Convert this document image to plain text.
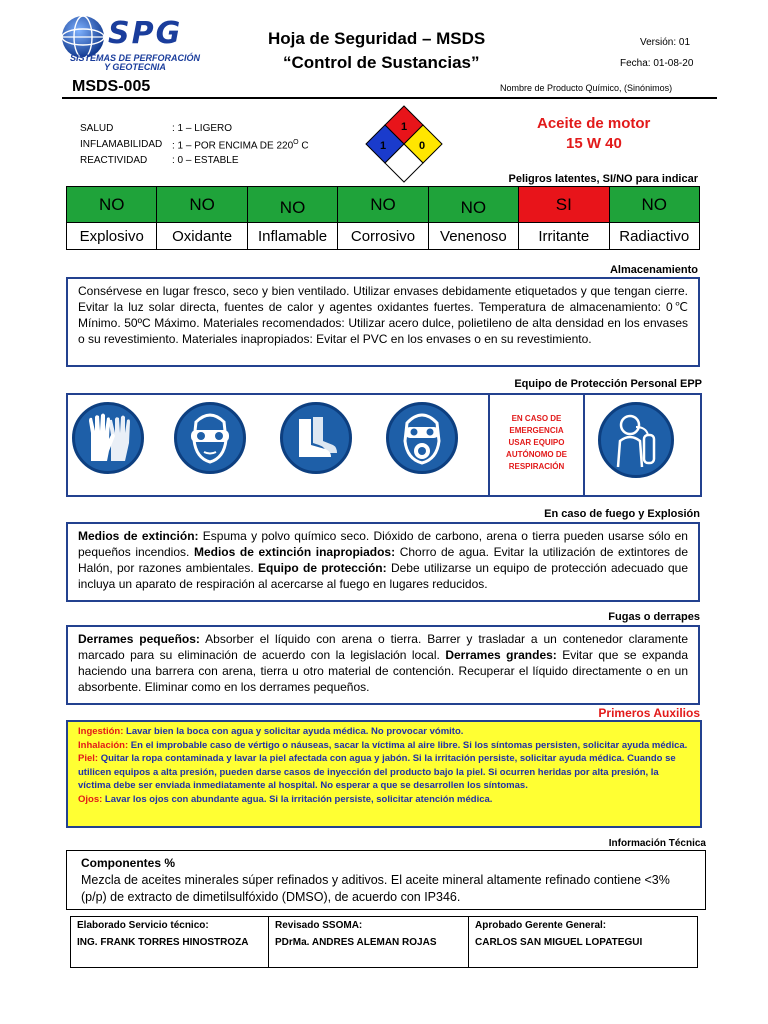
SPG
SISTEMAS DE PERFORACIÓN
Y GEOTECNIA
Hoja de Seguridad – MSDS
“Control de Sustancias”
Versión: 01
Fecha: 01-08-20
MSDS-005	Nombre de Producto Químico, (Sinónimos)
SALUD	: 1 – LIGERO
INFLAMABILIDAD : 1 – POR ENCIMA DE $220^O$ C
REACTIVIDAD : 0 – ESTABLE
1
1	0
Aceite de motor
15 W 40
Peligros latentes, SI/NO para indicar
NO	NO	NO	NO	NO	SI	NO
Explosivo	Oxidante	Inflamable	Corrosivo	Venenoso	Irritante	Radiactivo
Almacenamiento

Consérvese en lugar fresco, seco y bien ventilado. Utilizar envases debidamente etiquetados y que tengan cierre. Evitar la luz solar directa, fuentes de calor y agentes oxidantes fuertes. Temperatura de almacenamiento: 0℃ Mínimo. 50ºC Máximo. Materiales recomendados: Utilizar acero dulce, polietileno de alta densidad en los envases o su revestimiento. Materiales inapropiados: Evitar el PVC en los envases o en su revestimiento.

Equipo de Protección Personal EPP
EN CASO DE
EMERGENCIA
USAR EQUIPO
AUTÓNOMO DE
RESPIRACIÓN
En caso de fuego y Explosión

Medios de extinción: Espuma y polvo químico seco. Dióxido de carbono, arena o tierra pueden usarse sólo en pequeños incendios. Medios de extinción inapropiados: Chorro de agua. Evitar la utilización de extintores de Halón, por razones ambientales. Equipo de protección: Debe utilizarse un equipo de protección adecuado que incluya un aparato de respiración al acercarse al fuego en lugares reducidos.

Fugas o derrapes

Derrames pequeños: Absorber el líquido con arena o tierra. Barrer y trasladar a un contenedor claramente marcado para su eliminación de acuerdo con la legislación local. Derrames grandes: Evitar que se expanda haciendo una barrera con arena, tierra u otro material de contención. Recuperar el líquido directamente o en un absorbente. Eliminar como en los derrames pequeños.

Primeros Auxilios

Ingestión: Lavar bien la boca con agua y solicitar ayuda médica. No provocar vómito.

Inhalación: En el improbable caso de vértigo o náuseas, sacar la víctima al aire libre. Si los síntomas persisten, solicitar ayuda médica.

Piel: Quitar la ropa contaminada y lavar la piel afectada con agua y jabón. Si la irritación persiste, solicitar ayuda médica. Cuando se utilicen equipos a alta presión, pueden darse casos de inyección del producto bajo la piel. Si ocurren heridas por alta presión, la víctima debe ser enviada inmediatamente al hospital. No esperar a que se desarrollen los síntomas.

Ojos: Lavar los ojos con abundante agua. Si la irritación persiste, solicitar atención médica.

Información Técnica
Componentes %
Mezcla de aceites minerales súper refinados y aditivos. El aceite mineral altamente refinado contiene <3%(p/p) de extracto de dimetilsulfóxido (DMSO), de acuerdo con IP346.
Elaborado Servicio técnico:
ING. FRANK TORRES HINOSTROZA

Revisado SSOMA:
PDrMa. ANDRES ALEMAN ROJAS

Aprobado Gerente General:
CARLOS SAN MIGUEL LOPATEGUI
